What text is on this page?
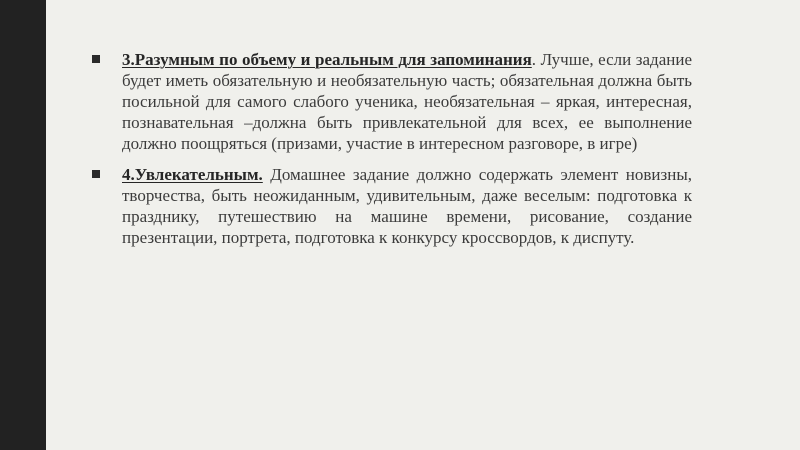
3.Разумным по объему и реальным для запоминания. Лучше, если задание будет иметь обязательную и необязательную часть; обязательная должна быть посильной для самого слабого ученика, необязательная – яркая, интересная, познавательная –должна быть привлекательной для всех, ее выполнение должно поощряться (призами, участие в интересном разговоре, в игре)
4.Увлекательным. Домашнее задание должно содержать элемент новизны, творчества, быть неожиданным, удивительным, даже веселым: подготовка к празднику, путешествию на машине времени, рисование, создание презентации, портрета, подготовка к конкурсу кроссвордов, к диспуту.
